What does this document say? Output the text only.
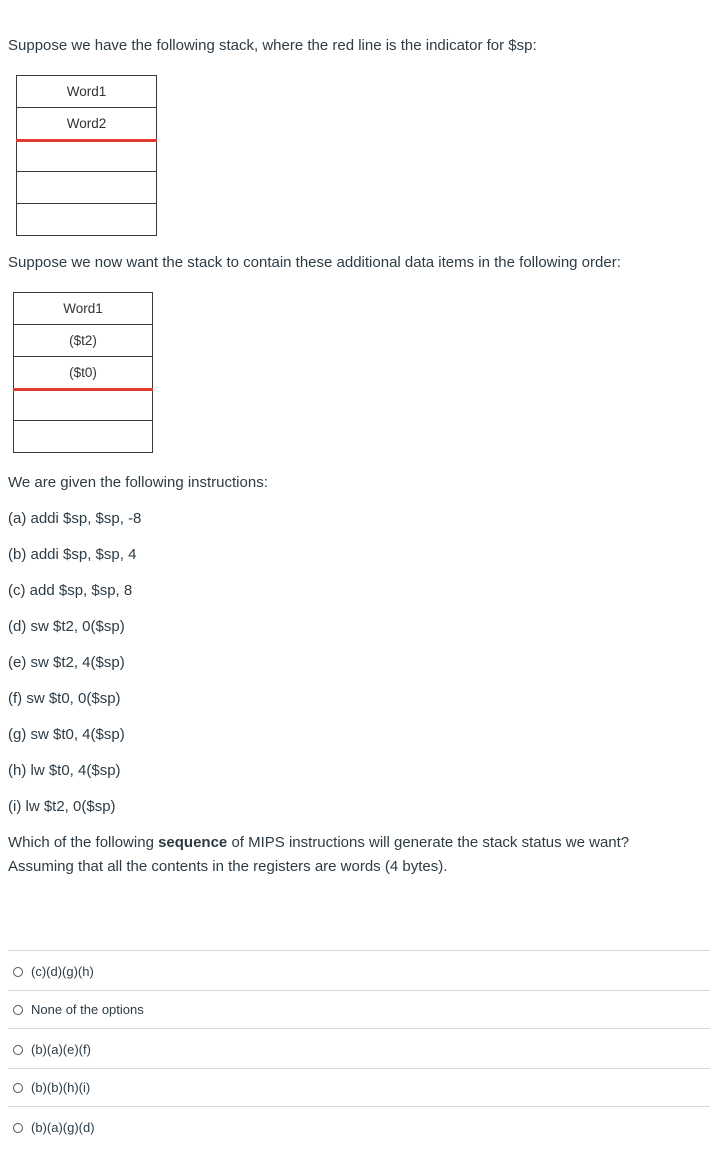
Suppose we have the following stack, where the red line is the indicator for $sp:
Word1
Word2
Suppose we now want the stack to contain these additional data items in the following order:
Word1
($t2)
($t0)
We are given the following instructions:
(a) addi $sp, $sp, -8
(b) addi $sp, $sp, 4
(c) add $sp, $sp, 8
(d) sw $t2, 0($sp)
(e) sw $t2, 4($sp)
(f) sw $t0, 0($sp)
(g) sw $t0, 4($sp)
(h) lw $t0, 4($sp)
(i) lw $t2, 0($sp)
Which of the following sequence of MIPS instructions will generate the stack status we want?
Assuming that all the contents in the registers are words (4 bytes).
(c)(d)(g)(h)
None of the options
(b)(a)(e)(f)
(b)(b)(h)(i)
(b)(a)(g)(d)
